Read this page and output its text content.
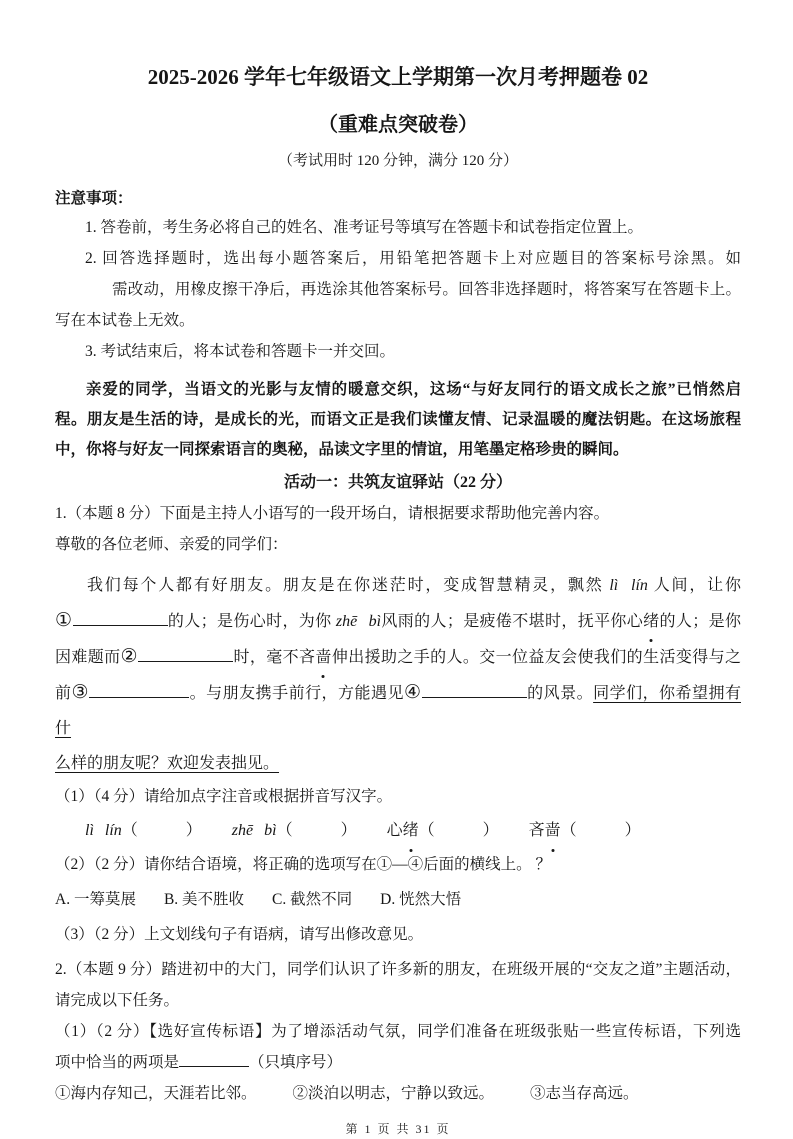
2025-2026 学年七年级语文上学期第一次月考押题卷 02
（重难点突破卷）
（考试用时 120 分钟，满分 120 分）
注意事项：
1. 答卷前，考生务必将自己的姓名、准考证号等填写在答题卡和试卷指定位置上。
2. 回答选择题时，选出每小题答案后，用铅笔把答题卡上对应题目的答案标号涂黑。如
需改动，用橡皮擦干净后，再选涂其他答案标号。回答非选择题时，将答案写在答题卡上。
写在本试卷上无效。
3. 考试结束后，将本试卷和答题卡一并交回。
亲爱的同学，当语文的光影与友情的暖意交织，这场“与好友同行的语文成长之旅”已悄然启
程。朋友是生活的诗，是成长的光，而语文正是我们读懂友情、记录温暖的魔法钥匙。在这场旅程
中，你将与好友一同探索语言的奥秘，品读文字里的情谊，用笔墨定格珍贵的瞬间。
活动一：共筑友谊驿站（22 分）
1.（本题 8 分）下面是主持人小语写的一段开场白，请根据要求帮助他完善内容。
尊敬的各位老师、亲爱的同学们：
我们每个人都有好朋友。朋友是在你迷茫时，变成智慧精灵，飘然 lì lín 人间，让你
①	的人；是伤心时，为你 zhē bì风雨的人；是疲倦不堪时，抚平你心绪的人；是你
因难题而②	时，毫不吝啬伸出援助之手的人。交一位益友会使我们的生活变得与之
前③	。与朋友携手前行，方能遇见④	的风景。同学们，你希望拥有什
么样的朋友呢？欢迎发表拙见。
（1）（4 分）请给加点字注音或根据拼音写汉字。
lì lín（　　　） zhē bì（　　　） 心绪（　　　） 吝啬（　　　）
（2）（2 分）请你结合语境，将正确的选项写在①—④后面的横线上。 ？
A. 一筹莫展 B. 美不胜收 C. 截然不同 D. 恍然大悟
（3）（2 分）上文划线句子有语病，请写出修改意见。
2.（本题 9 分）踏进初中的大门，同学们认识了许多新的朋友，在班级开展的“交友之道”主题活动，
请完成以下任务。
（1）（2 分）【选好宣传标语】为了增添活动气氛，同学们准备在班级张贴一些宣传标语，下列选
项中恰当的两项是	（只填序号）
①海内存知己，天涯若比邻。 ②淡泊以明志，宁静以致远。 ③志当存高远。
第 1 页 共 31 页
